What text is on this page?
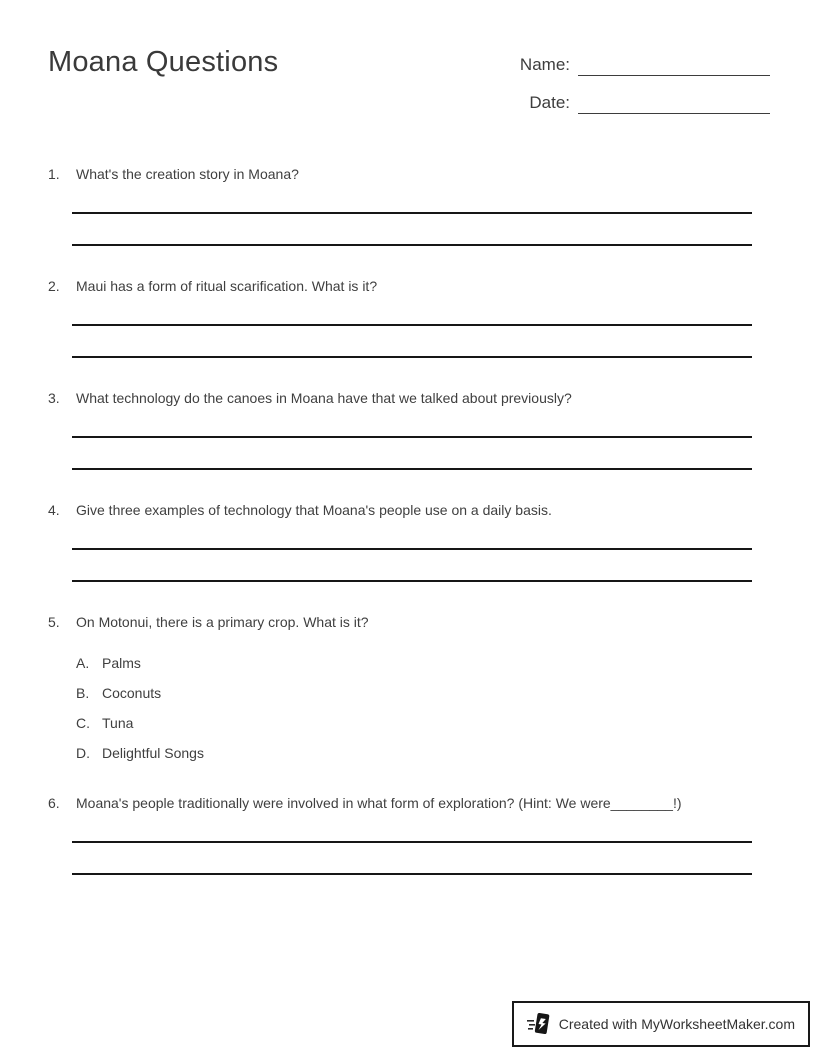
Moana Questions	Name:
Date:
1.	What's the creation story in Moana?
2.	Maui has a form of ritual scarification. What is it?
3.	What technology do the canoes in Moana have that we talked about previously?
4.	Give three examples of technology that Moana's people use on a daily basis.
5.	On Motonui, there is a primary crop. What is it?
A. Palms
B. Coconuts
C. Tuna
D. Delightful Songs
6.	Moana's people traditionally were involved in what form of exploration? (Hint: We were________!)
Created with MyWorksheetMaker.com
